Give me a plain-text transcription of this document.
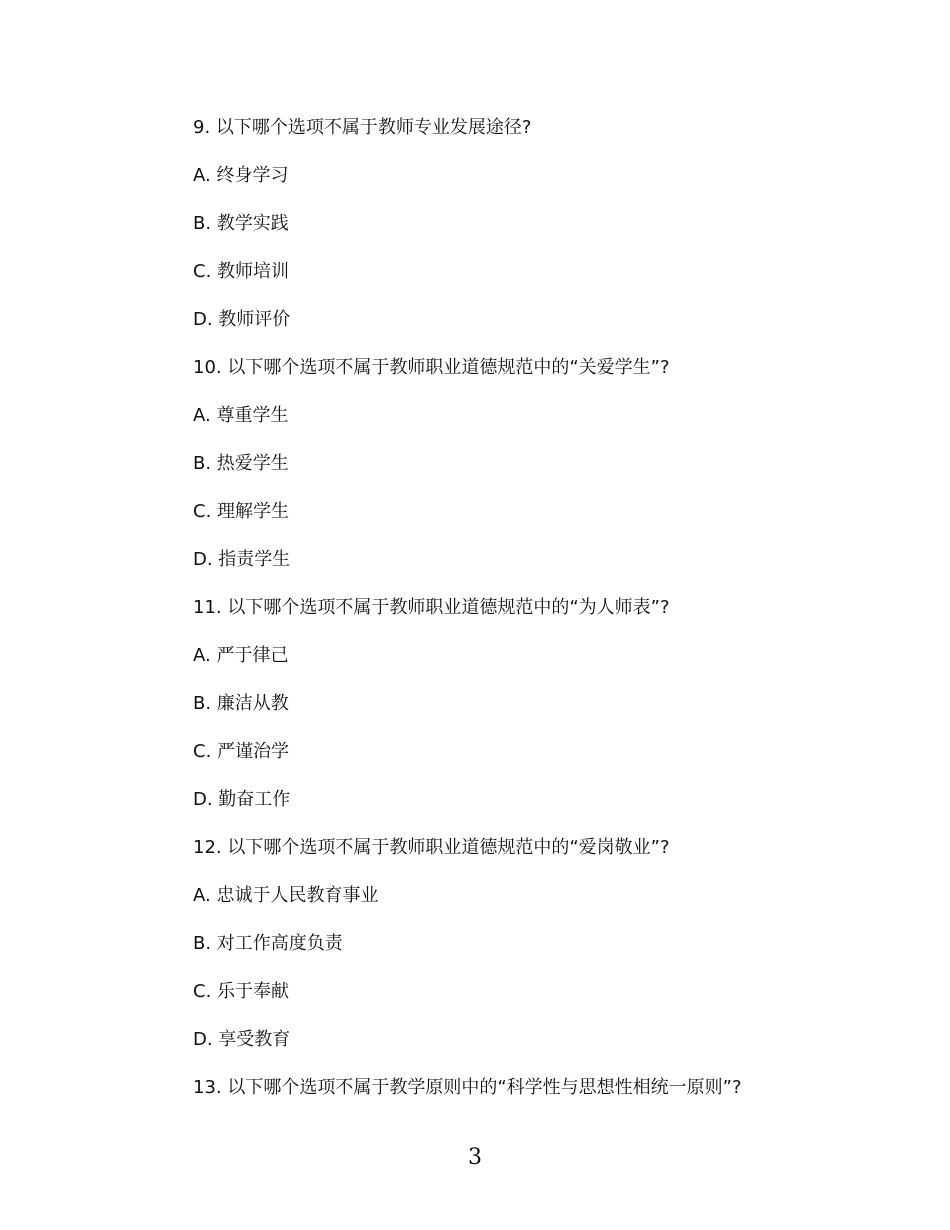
9. 以下哪个选项不属于教师专业发展途径?
A. 终身学习
B. 教学实践
C. 教师培训
D. 教师评价
10. 以下哪个选项不属于教师职业道德规范中的“关爱学生”?
A. 尊重学生
B. 热爱学生
C. 理解学生
D. 指责学生
11. 以下哪个选项不属于教师职业道德规范中的“为人师表”?
A. 严于律己
B. 廉洁从教
C. 严谨治学
D. 勤奋工作
12. 以下哪个选项不属于教师职业道德规范中的“爱岗敬业”?
A. 忠诚于人民教育事业
B. 对工作高度负责
C. 乐于奉献
D. 享受教育
13. 以下哪个选项不属于教学原则中的“科学性与思想性相统一原则”?
3
